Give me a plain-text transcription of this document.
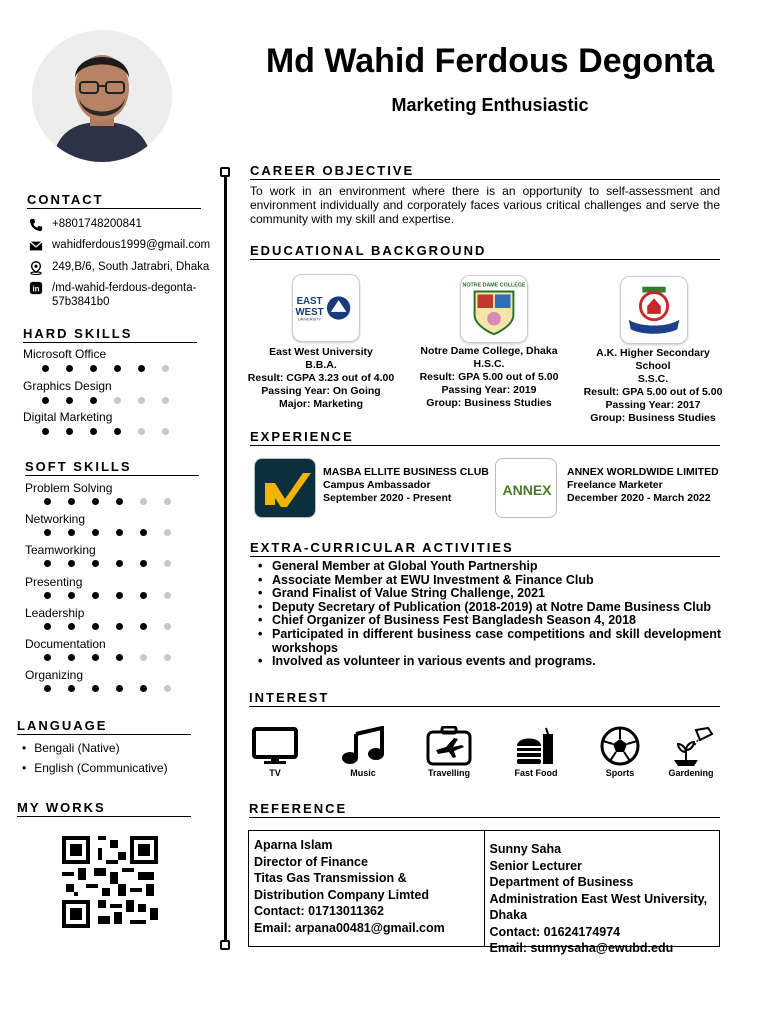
Md Wahid Ferdous Degonta
Marketing Enthusiastic
CONTACT
+8801748200841
wahidferdous1999@gmail.com
249,B/6, South Jatrabri, Dhaka
in /md-wahid-ferdous-degonta-57b3841b0
HARD SKILLS
Microsoft Office
Graphics Design
Digital Marketing
SOFT SKILLS
Problem Solving
Networking
Teamworking
Presenting
Leadership
Documentation
Organizing
LANGUAGE
• Bengali (Native)
• English (Communicative)
MY WORKS
CAREER OBJECTIVE
To work in an environment where there is an opportunity to self-assessment and environment individually and corporately faces various critical challenges and serve the community with my skill and expertise.
EDUCATIONAL BACKGROUND
EAST
WEST
UNIVERSITY
NOTRE DAME COLLEGE
East West University
B.B.A.
Result: CGPA 3.23 out of 4.00
Passing Year: On Going
Major: Marketing
Notre Dame College, Dhaka
H.S.C.
Result: GPA 5.00 out of 5.00
Passing Year: 2019
Group: Business Studies
A.K. Higher Secondary School
S.S.C.
Result: GPA 5.00 out of 5.00
Passing Year: 2017
Group: Business Studies
EXPERIENCE
MASBA ELLITE BUSINESS CLUB
Campus Ambassador
September 2020 - Present	ANNEX
ANNEX WORLDWIDE LIMITED
Freelance Marketer
December 2020 - March 2022
EXTRA-CURRICULAR ACTIVITIES
• General Member at Global Youth Partnership
• Associate Member at EWU Investment & Finance Club
• Grand Finalist of Value String Challenge, 2021
• Deputy Secretary of Publication (2018-2019) at Notre Dame Business Club
• Chief Organizer of Business Fest Bangladesh Season 4, 2018
• Participated in different business case competitions and skill development workshops
• Involved as volunteer in various events and programs.
INTEREST
TV	Music	Travelling	Fast Food	Sports	Gardening
REFERENCE
Aparna Islam
Director of Finance
Titas Gas Transmission & Distribution Company Limted
Contact: 01713011362
Email: arpana00481@gmail.com
Sunny Saha
Senior Lecturer
Department of Business Administration East West University, Dhaka
Contact: 01624174974
Email: sunnysaha@ewubd.edu
